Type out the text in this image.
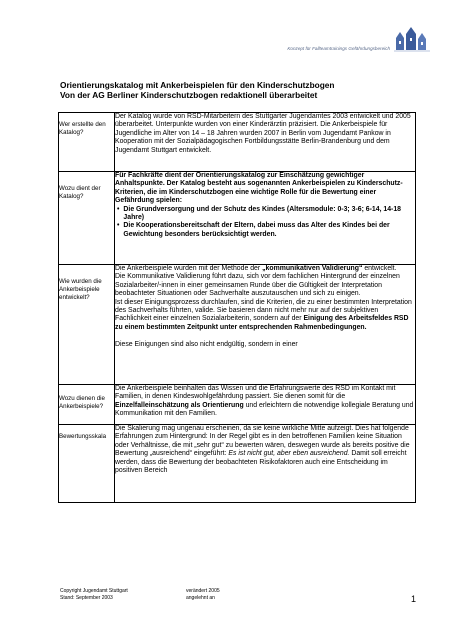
Konzept für Fallteamtrainings Gefährdungsbereich
Orientierungskatalog mit Ankerbeispielen für den Kinderschutzbogen
Von der AG Berliner Kinderschutzbogen redaktionell überarbeitet
Wer erstellte den Katalog?	Der Katalog wurde von RSD-Mitarbeitern des Stuttgarter Jugendamtes 2003 entwickelt und 2005 überarbeitet. Unterpunkte wurden von einer Kinderärztin präzisiert. Die Ankerbeispiele für Jugendliche im Alter von 14 – 18 Jahren wurden 2007 in Berlin vom Jugendamt Pankow in Kooperation mit der Sozialpädagogischen Fortbildungsstätte Berlin-Brandenburg und dem Jugendamt Stuttgart entwickelt.

Wozu dient der Katalog?	Für Fachkräfte dient der Orientierungskatalog zur Einschätzung gewichtiger Anhaltspunkte. Der Katalog besteht aus sogenannten Ankerbeispielen zu Kinderschutz- Kriterien, die im Kinderschutzbogen eine wichtige Rolle für die Bewertung einer Gefährdung spielen:
• Die Grundversorgung und der Schutz des Kindes (Altersmodule: 0-3; 3-6; 6-14, 14-18 Jahre)
• Die Kooperationsbereitschaft der Eltern, dabei muss das Alter des Kindes bei der Gewichtung besonders berücksichtigt werden.

Wie wurden die Ankerbeispiele entwickelt?	Die Ankerbeispiele wurden mit der Methode der „kommunikativen Validierung“ entwickelt.
Die Kommunikative Validierung führt dazu, sich vor dem fachlichen Hintergrund der einzelnen Sozialarbeiter/-innen in einer gemeinsamen Runde über die Gültigkeit der Interpretation beobachteter Situationen oder Sachverhalte auszutauschen und sich zu einigen.
Ist dieser Einigungsprozess durchlaufen, sind die Kriterien, die zu einer bestimmten Interpretation des Sachverhalts führten, valide. Sie basieren dann nicht mehr nur auf der subjektiven Fachlichkeit einer einzelnen Sozialarbeiterin, sondern auf der Einigung des Arbeitsfeldes RSD zu einem bestimmten Zeitpunkt unter entsprechenden Rahmenbedingungen.
Diese Einigungen sind also nicht endgültig, sondern in einer

Wozu dienen die Ankerbeispiele?	Die Ankerbeispiele beinhalten das Wissen und die Erfahrungswerte des RSD im Kontakt mit Familien, in denen Kindeswohlgefährdung passiert. Sie dienen somit für die Einzelfalleinschätzung als Orientierung und erleichtern die notwendige kollegiale Beratung und Kommunikation mit den Familien.

Bewertungsskala	Die Skalierung mag ungenau erscheinen, da sie keine wirkliche Mitte aufzeigt. Dies hat folgende Erfahrungen zum Hintergrund: In der Regel gibt es in den betroffenen Familien keine Situation oder Verhältnisse, die mit „sehr gut“ zu bewerten wären, deswegen wurde als bereits positive die Bewertung „ausreichend“ eingeführt: Es ist nicht gut, aber eben ausreichend. Damit soll erreicht werden, dass die Bewertung der beobachteten Risikofaktoren auch eine Entscheidung im positiven Bereich
Copyright Jugendamt Stuttgart
Stand: September 2003
verändert 2005
angelehnt an	1
